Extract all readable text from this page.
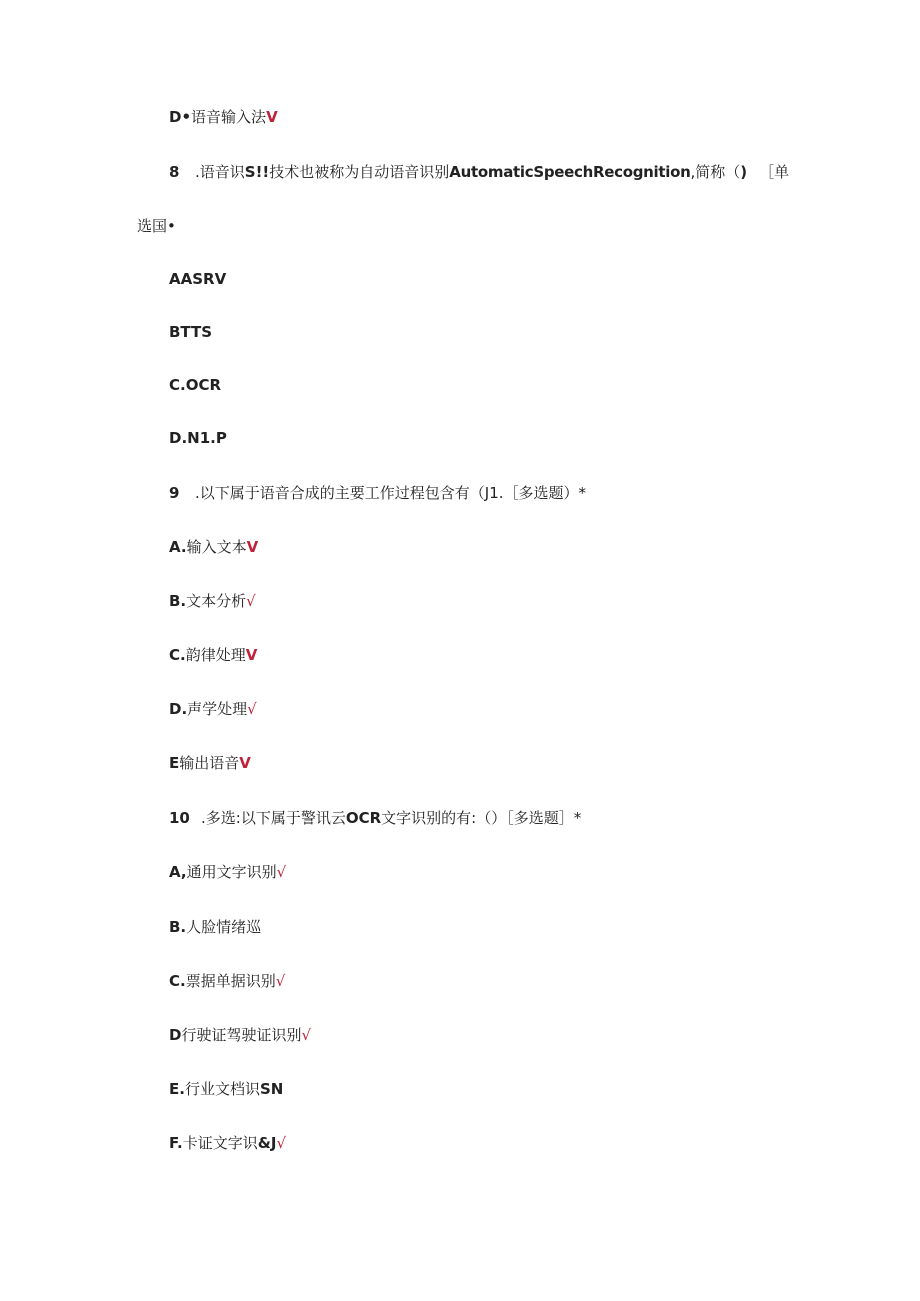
D•语音输入法V
8 .语音识S!!技术也被称为自动语音识别AutomaticSpeechRecognition,简称（) ［单
选国•
AASRV
BTTS
C.OCR
D.N1.P
9 .以下属于语音合成的主要工作过程包含有（J1.［多选题）*
A.输入文本V
B.文本分析√
C.韵律处理V
D.声学处理√
E输出语音V
10 .多选:以下属于警讯云OCR文字识别的有:（）［多选题］*
A,通用文字识别√
B.人脸情绪巡
C.票据单据识别√
D行驶证驾驶证识别√
E.行业文档识SN
F.卡证文字识&J√
